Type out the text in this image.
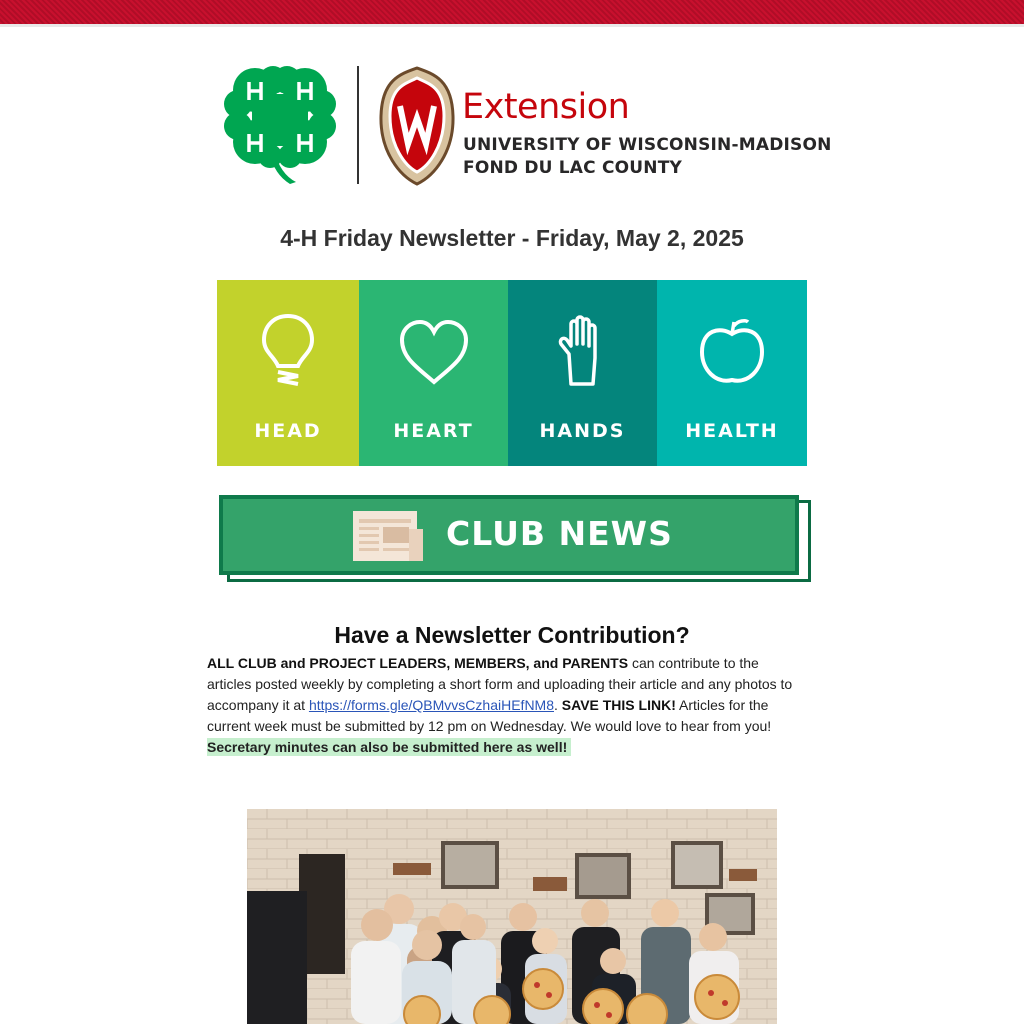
Extension
UNIVERSITY OF WISCONSIN-MADISON
FOND DU LAC COUNTY
4-H Friday Newsletter - Friday, May 2, 2025
HEAD	HEART	HANDS	HEALTH
CLUB NEWS
Have a Newsletter Contribution?
ALL CLUB and PROJECT LEADERS, MEMBERS, and PARENTS can contribute to the articles posted weekly by completing a short form and uploading their article and any photos to accompany it at https://forms.gle/QBMvvsCzhaiHEfNM8. SAVE THIS LINK! Articles for the current week must be submitted by 12 pm on Wednesday. We would love to hear from you!
Secretary minutes can also be submitted here as well!
